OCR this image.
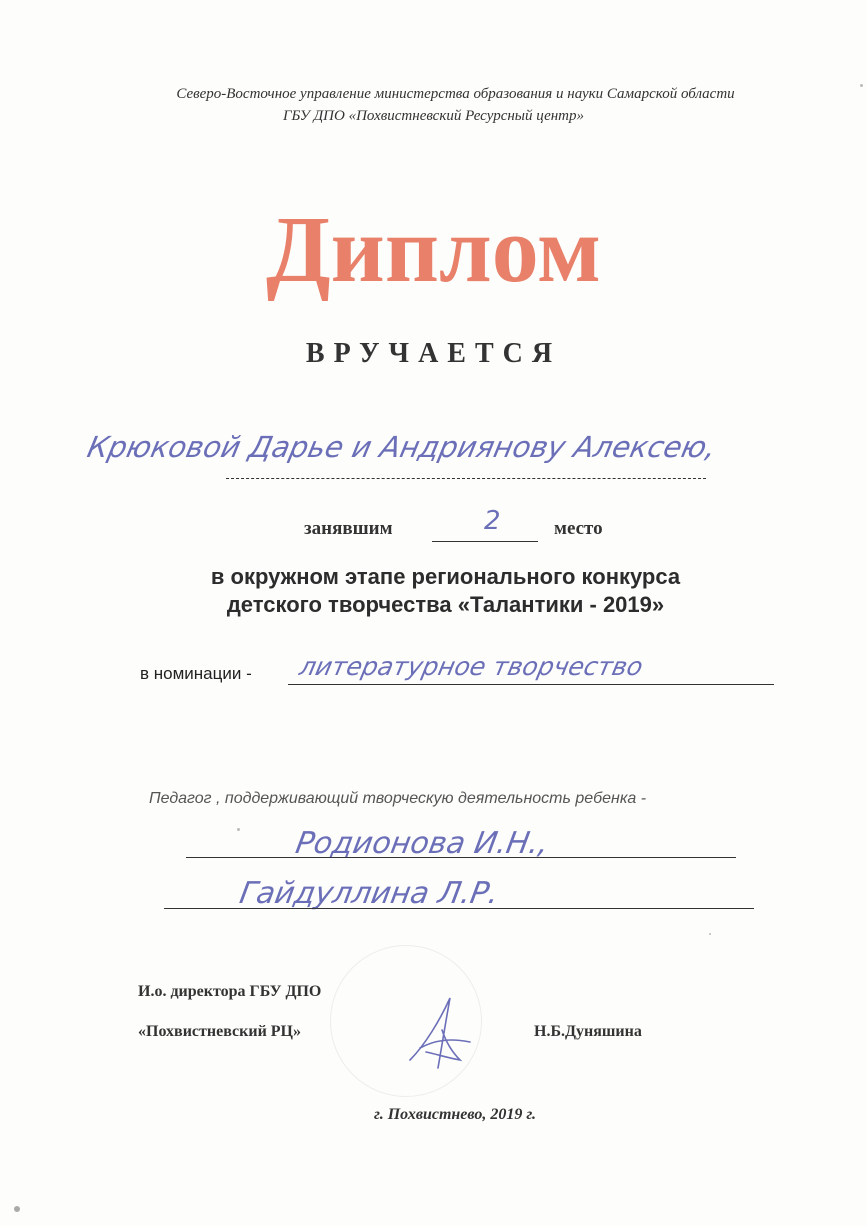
Северо-Восточное управление министерства образования и науки Самарской области
ГБУ ДПО «Похвистневский Ресурсный центр»
Диплом
ВРУЧАЕТСЯ
Крюковой Дарье и Андриянову Алексею,
занявшим	2	место
в окружном этапе регионального конкурса
детского творчества «Талантики - 2019»
в номинации - литературное творчество
Педагог , поддерживающий творческую деятельность ребенка -
Родионова И.Н.,
Гайдуллина Л.Р.
И.о. директора ГБУ ДПО
«Похвистневский РЦ»	Н.Б.Дуняшина
г. Похвистнево, 2019 г.
